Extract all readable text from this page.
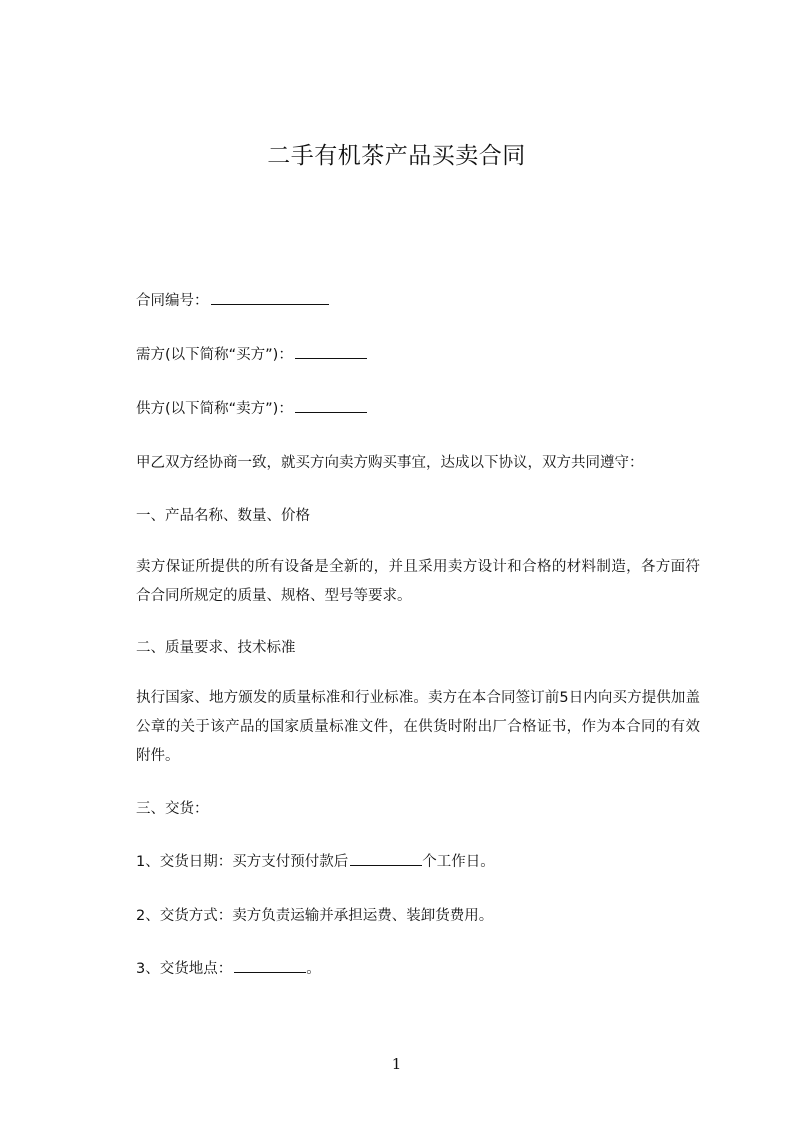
二手有机茶产品买卖合同
合同编号：
需方(以下简称“买方”)：
供方(以下简称“卖方”)：
甲乙双方经协商一致，就买方向卖方购买事宜，达成以下协议，双方共同遵守：
一、产品名称、数量、价格
卖方保证所提供的所有设备是全新的，并且采用卖方设计和合格的材料制造，各方面符合合同所规定的质量、规格、型号等要求。
二、质量要求、技术标准
执行国家、地方颁发的质量标准和行业标准。卖方在本合同签订前5日内向买方提供加盖公章的关于该产品的国家质量标准文件，在供货时附出厂合格证书，作为本合同的有效附件。
三、交货：
1、交货日期：买方支付预付款后	个工作日。
2、交货方式：卖方负责运输并承担运费、装卸货费用。
3、交货地点：	。
1
